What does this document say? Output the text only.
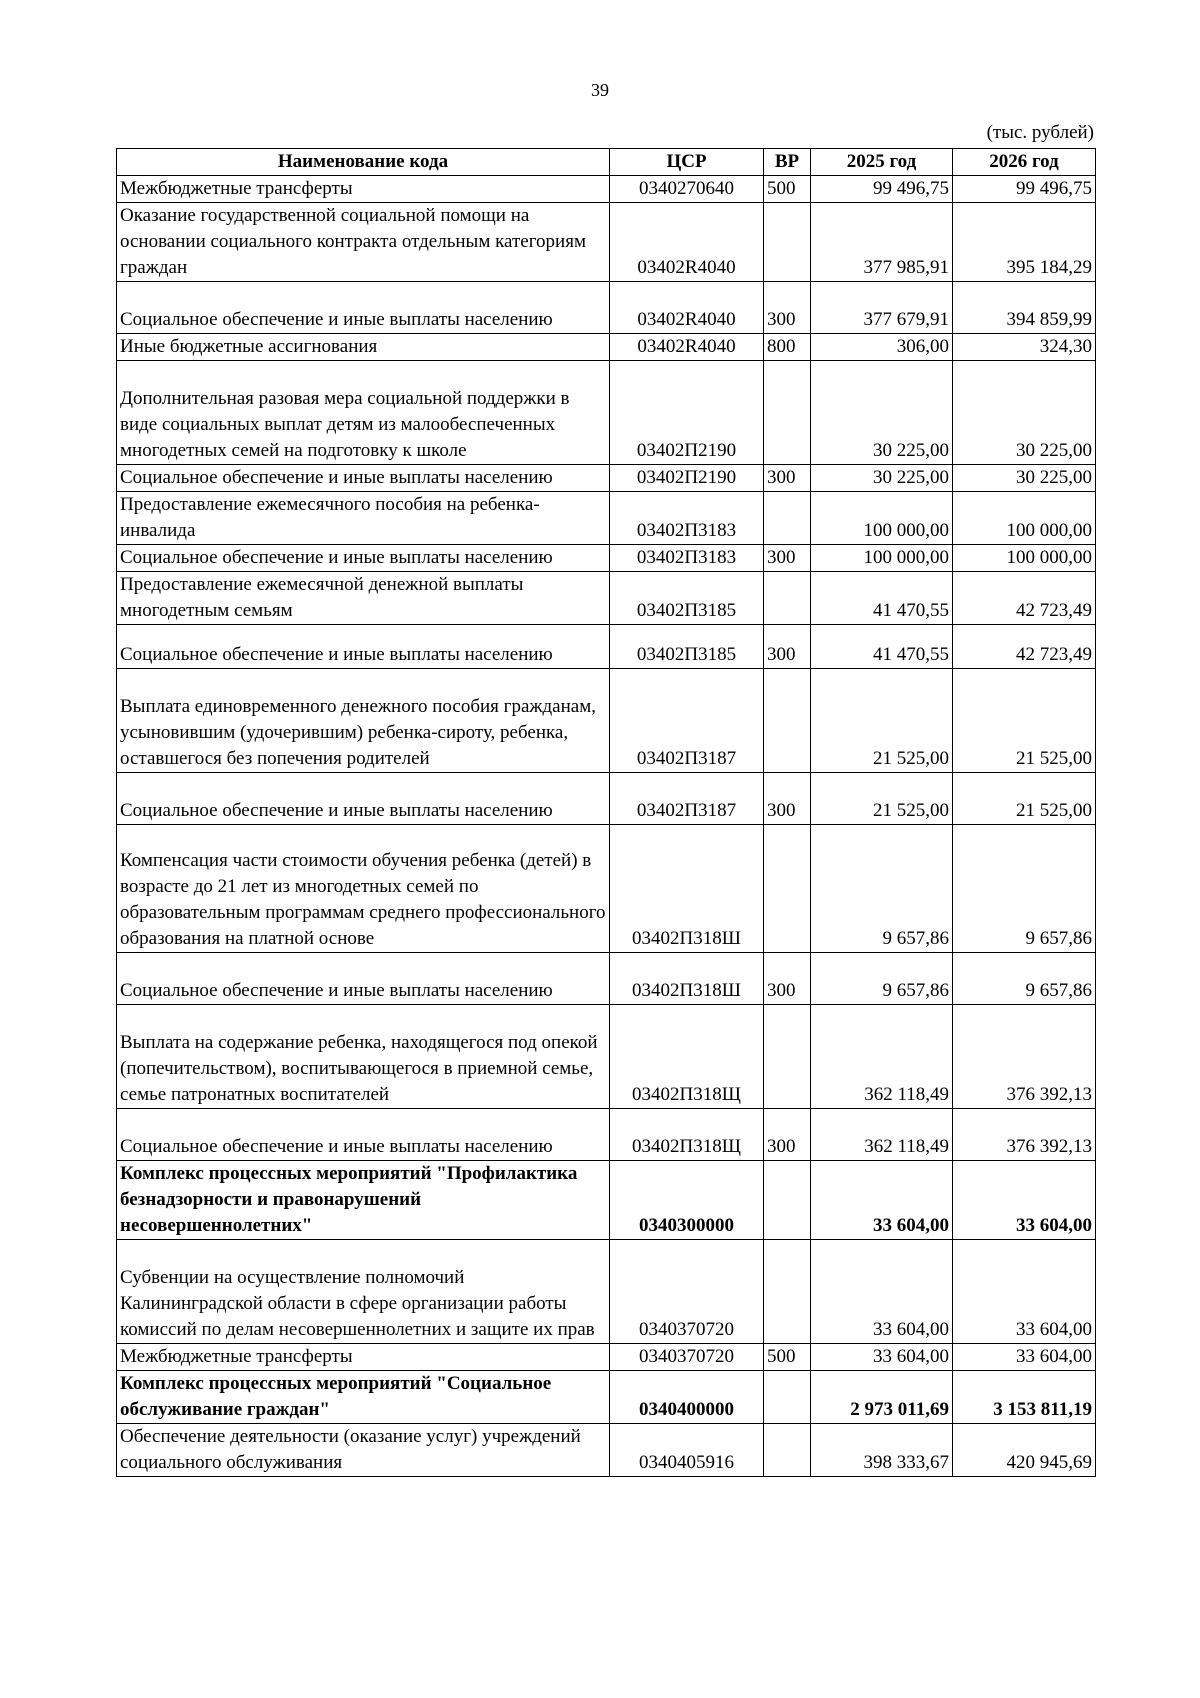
39
(тыс. рублей)
Наименование кода	ЦСР	ВР	2025 год	2026 год
Межбюджетные трансферты	0340270640	500	99 496,75	99 496,75
Оказание государственной социальной помощи на основании социального контракта отдельным категориям граждан	03402R4040		377 985,91	395 184,29
Социальное обеспечение и иные выплаты населению	03402R4040	300	377 679,91	394 859,99
Иные бюджетные ассигнования	03402R4040	800	306,00	324,30
Дополнительная разовая мера социальной поддержки в виде социальных выплат детям из малообеспеченных многодетных семей на подготовку к школе	03402П2190		30 225,00	30 225,00
Социальное обеспечение и иные выплаты населению	03402П2190	300	30 225,00	30 225,00
Предоставление ежемесячного пособия на ребенка-инвалида	03402П3183		100 000,00	100 000,00
Социальное обеспечение и иные выплаты населению	03402П3183	300	100 000,00	100 000,00
Предоставление ежемесячной денежной выплаты многодетным семьям	03402П3185		41 470,55	42 723,49
Социальное обеспечение и иные выплаты населению	03402П3185	300	41 470,55	42 723,49
Выплата единовременного денежного пособия гражданам, усыновившим (удочерившим) ребенка-сироту, ребенка, оставшегося без попечения родителей	03402П3187		21 525,00	21 525,00
Социальное обеспечение и иные выплаты населению	03402П3187	300	21 525,00	21 525,00
Компенсация части стоимости обучения ребенка (детей) в возрасте до 21 лет из многодетных семей по образовательным программам среднего профессионального образования на платной основе	03402П318Ш		9 657,86	9 657,86
Социальное обеспечение и иные выплаты населению	03402П318Ш	300	9 657,86	9 657,86
Выплата на содержание ребенка, находящегося под опекой (попечительством), воспитывающегося в приемной семье, семье патронатных воспитателей	03402П318Щ		362 118,49	376 392,13
Социальное обеспечение и иные выплаты населению	03402П318Щ	300	362 118,49	376 392,13
Комплекс процессных мероприятий "Профилактика безнадзорности и правонарушений несовершеннолетних"	0340300000		33 604,00	33 604,00
Субвенции на осуществление полномочий Калининградской области в сфере организации работы комиссий по делам несовершеннолетних и защите их прав	0340370720		33 604,00	33 604,00
Межбюджетные трансферты	0340370720	500	33 604,00	33 604,00
Комплекс процессных мероприятий "Социальное обслуживание граждан"	0340400000		2 973 011,69	3 153 811,19
Обеспечение деятельности (оказание услуг) учреждений социального обслуживания	0340405916		398 333,67	420 945,69
